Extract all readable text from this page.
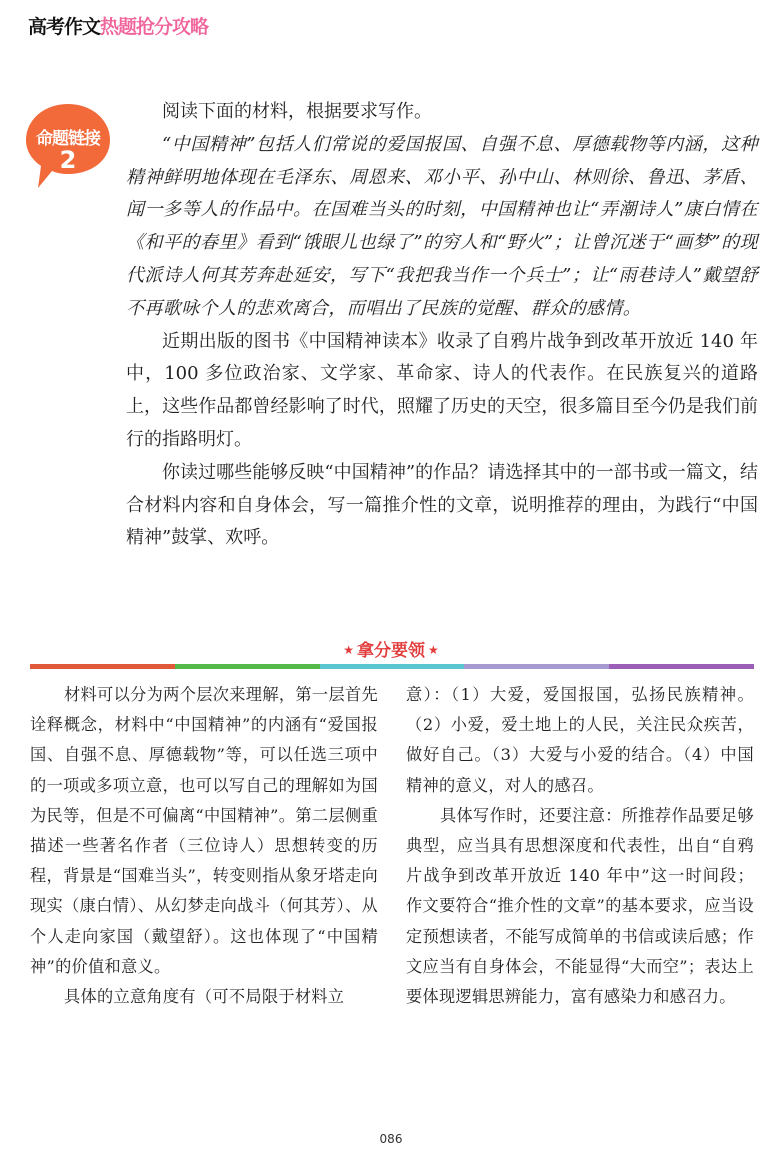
高考作文 热题抢分攻略
命题链接
2

阅读下面的材料，根据要求写作。

“中国精神”包括人们常说的爱国报国、自强不息、厚德载物等内涵，这种精神鲜明地体现在毛泽东、周恩来、邓小平、孙中山、林则徐、鲁迅、茅盾、闻一多等人的作品中。在国难当头的时刻，中国精神也让“弄潮诗人”康白情在《和平的春里》看到“饿眼儿也绿了”的穷人和“野火”；让曾沉迷于“画梦”的现代派诗人何其芳奔赴延安，写下“我把我当作一个兵士”；让“雨巷诗人”戴望舒不再歌咏个人的悲欢离合，而唱出了民族的觉醒、群众的感情。

近期出版的图书《中国精神读本》收录了自鸦片战争到改革开放近 140 年中，100 多位政治家、文学家、革命家、诗人的代表作。在民族复兴的道路上，这些作品都曾经影响了时代，照耀了历史的天空，很多篇目至今仍是我们前行的指路明灯。

你读过哪些能够反映“中国精神”的作品？请选择其中的一部书或一篇文，结合材料内容和自身体会，写一篇推介性的文章，说明推荐的理由，为践行“中国精神”鼓掌、欢呼。

★ 拿分要领 ★

材料可以分为两个层次来理解，第一层首先诠释概念，材料中“中国精神”的内涵有“爱国报国、自强不息、厚德载物”等，可以任选三项中的一项或多项立意，也可以写自己的理解如为国为民等，但是不可偏离“中国精神”。第二层侧重描述一些著名作者（三位诗人）思想转变的历程，背景是“国难当头”，转变则指从象牙塔走向现实（康白情）、从幻梦走向战斗（何其芳）、从个人走向家国（戴望舒）。这也体现了“中国精神”的价值和意义。

具体的立意角度有（可不局限于材料立

意）：（1）大爱，爱国报国，弘扬民族精神。（2）小爱，爱土地上的人民，关注民众疾苦，做好自己。（3）大爱与小爱的结合。（4）中国精神的意义，对人的感召。

具体写作时，还要注意：所推荐作品要足够典型，应当具有思想深度和代表性，出自“自鸦片战争到改革开放近 140 年中”这一时间段；作文要符合“推介性的文章”的基本要求，应当设定预想读者，不能写成简单的书信或读后感；作文应当有自身体会，不能显得“大而空”；表达上要体现逻辑思辨能力，富有感染力和感召力。

086
